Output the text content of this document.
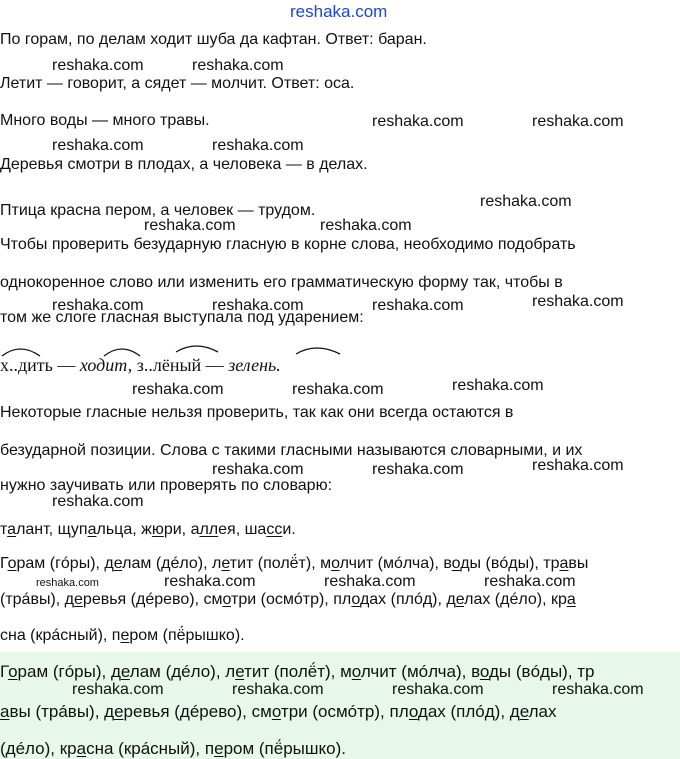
reshaka.com
По горам, по делам ходит шуба да кафтан. Ответ: баран.
Летит — говорит, а сядет — молчит. Ответ: оса.
Много воды — много травы.
Деревья смотри в плодах, а человека — в делах.
Птица красна пером, а человек — трудом.
Чтобы проверить безударную гласную в корне слова, необходимо подобрать
однокоренное слово или изменить его грамматическую форму так, чтобы в
том же слоге гласная выступала под ударением:
х..дить — ходит, з..лёный — зелень.
Некоторые гласные нельзя проверить, так как они всегда остаются в
безударной позиции. Слова с такими гласными называются словарными, и их
нужно заучивать или проверять по словарю:
талант, щупальца, жюри, аллея, шасси.
Горам (гóры), делам (дéло), летит (полё́т), молчит (мóлча), воды (вóды), травы
(трáвы), деревья (дéрево), смотри (осмóтр), плодах (плóд), делах (дéло), кра
сна (крáсный), пером (пё́рышко).
Горам (гóры), делам (дéло), летит (полё́т), молчит (мóлча), воды (вóды), тр
авы (трáвы), деревья (дéрево), смотри (осмóтр), плодах (плóд), делах
(дéло), красна (крáсный), пером (пё́рышко).
reshaka.com	reshaka.com
reshaka.com	reshaka.com
reshaka.com	reshaka.com
reshaka.com
reshaka.com	reshaka.com
reshaka.com
reshaka.com	reshaka.com	reshaka.com
reshaka.com
reshaka.com	reshaka.com
reshaka.com
reshaka.com	reshaka.com
reshaka.com
reshaka.com	reshaka.com	reshaka.com	reshaka.com
reshaka.com	reshaka.com	reshaka.com	reshaka.com
